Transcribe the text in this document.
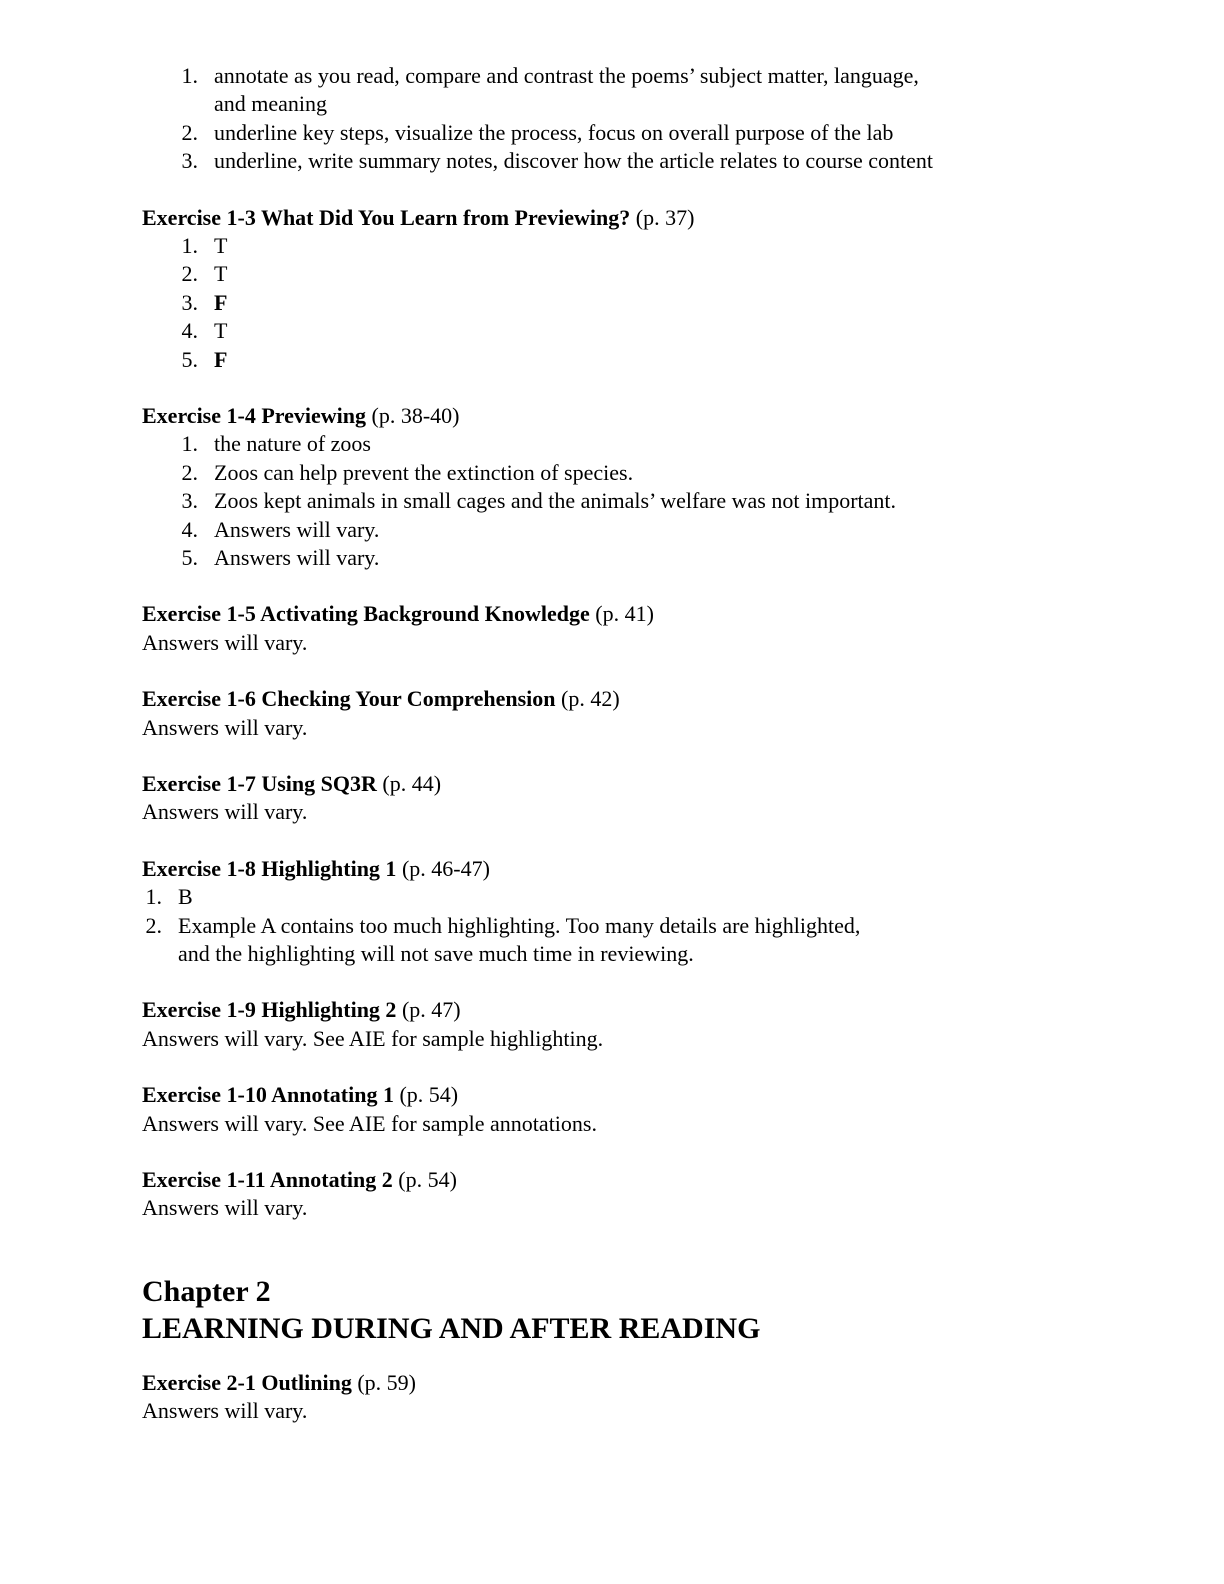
1. annotate as you read, compare and contrast the poems’ subject matter, language,
and meaning
2. underline key steps, visualize the process, focus on overall purpose of the lab
3. underline, write summary notes, discover how the article relates to course content
Exercise 1-3 What Did You Learn from Previewing? (p. 37)
1. T
2. T
3. F
4. T
5. F
Exercise 1-4 Previewing (p. 38-40)
1. the nature of zoos
2. Zoos can help prevent the extinction of species.
3. Zoos kept animals in small cages and the animals’ welfare was not important.
4. Answers will vary.
5. Answers will vary.
Exercise 1-5 Activating Background Knowledge (p. 41)
Answers will vary.
Exercise 1-6 Checking Your Comprehension (p. 42)
Answers will vary.
Exercise 1-7 Using SQ3R (p. 44)
Answers will vary.
Exercise 1-8 Highlighting 1 (p. 46-47)
1. B
2. Example A contains too much highlighting. Too many details are highlighted,
and the highlighting will not save much time in reviewing.
Exercise 1-9 Highlighting 2 (p. 47)
Answers will vary. See AIE for sample highlighting.
Exercise 1-10 Annotating 1 (p. 54)
Answers will vary. See AIE for sample annotations.
Exercise 1-11 Annotating 2 (p. 54)
Answers will vary.
Chapter 2
LEARNING DURING AND AFTER READING
Exercise 2-1 Outlining (p. 59)
Answers will vary.
